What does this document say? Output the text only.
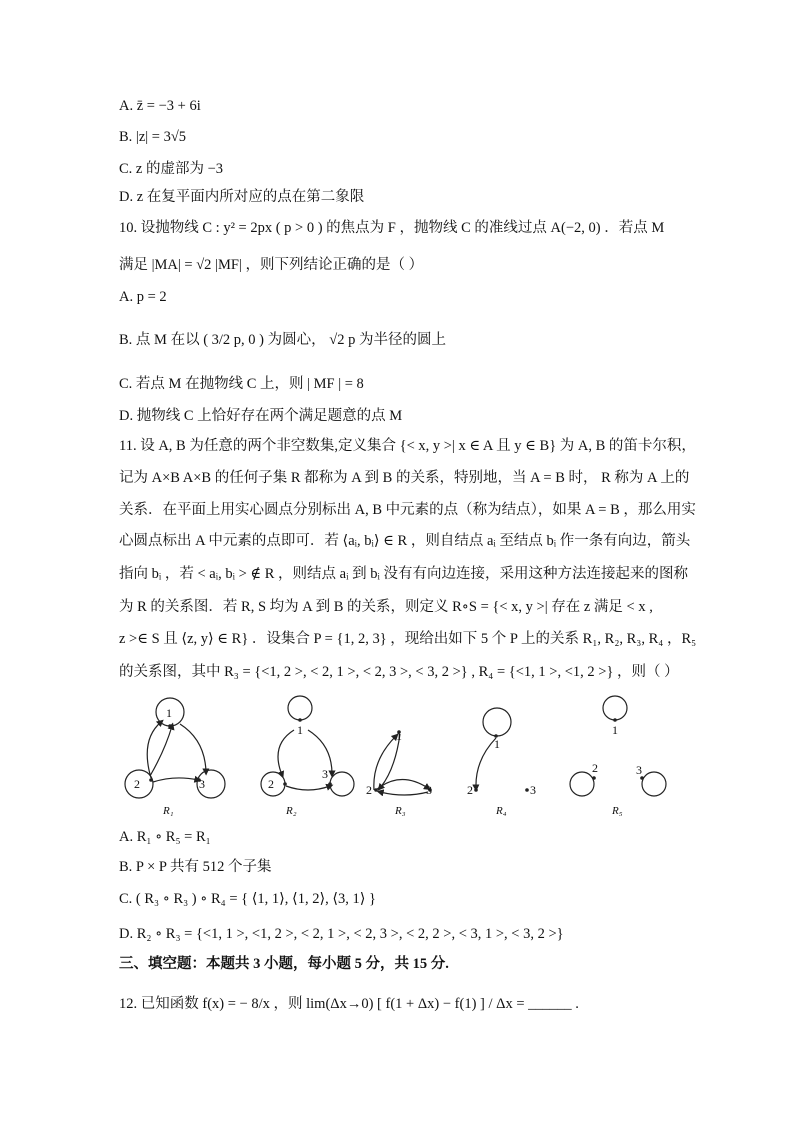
A. z̄ = −3 + 6i
B. |z| = 3√5
C. z 的虚部为 −3
D. z 在复平面内所对应的点在第二象限
10. 设抛物线 C : y² = 2px ( p > 0 ) 的焦点为 F ，抛物线 C 的准线过点 A(−2, 0) ．若点 M
满足 |MA| = √2 |MF| ，则下列结论正确的是（ ）
A. p = 2
B. 点 M 在以 ( 3/2 p, 0 ) 为圆心， √2 p 为半径的圆上
C. 若点 M 在抛物线 C 上，则 | MF | = 8
D. 抛物线 C 上恰好存在两个满足题意的点 M
11. 设 A, B 为任意的两个非空数集,定义集合 {< x, y >| x ∈ A 且 y ∈ B} 为 A, B 的笛卡尔积，
记为 A×B A×B 的任何子集 R 都称为 A 到 B 的关系，特别地，当 A = B 时， R 称为 A 上的
关系．在平面上用实心圆点分别标出 A, B 中元素的点（称为结点），如果 A = B ，那么用实
心圆点标出 A 中元素的点即可．若 ⟨aᵢ, bᵢ⟩ ∈ R ，则自结点 aᵢ 至结点 bᵢ 作一条有向边，箭头
指向 bᵢ ，若 < aᵢ, bᵢ > ∉ R ，则结点 aᵢ 到 bᵢ 没有有向边连接，采用这种方法连接起来的图称
为 R 的关系图．若 R, S 均为 A 到 B 的关系，则定义 R∘S = {< x, y >| 存在 z 满足 < x ,
z >∈ S 且 ⟨z, y⟩ ∈ R} ．设集合 P = {1, 2, 3} ，现给出如下 5 个 P 上的关系 R₁, R₂, R₃, R₄ ，R₅
的关系图，其中 R₃ = {<1, 2 >, < 2, 1 >, < 2, 3 >, < 3, 2 >} , R₄ = {<1, 1 >, <1, 2 >} ，则（ ）
1
2	3
R₁
1
2
3
R₂
1
2	3
R₃
1
2	3
R₄
1
2	3
R₅
A. R₁ ∘ R₅ = R₁
B. P × P 共有 512 个子集
C. ( R₃ ∘ R₃ ) ∘ R₄ = { ⟨1, 1⟩, ⟨1, 2⟩, ⟨3, 1⟩ }
D. R₂ ∘ R₃ = {<1, 1 >, <1, 2 >, < 2, 1 >, < 2, 3 >, < 2, 2 >, < 3, 1 >, < 3, 2 >}
三、填空题：本题共 3 小题，每小题 5 分，共 15 分.
12. 已知函数 f(x) = − 8/x ，则 lim(Δx→0) [ f(1 + Δx) − f(1) ] / Δx = ______ .
